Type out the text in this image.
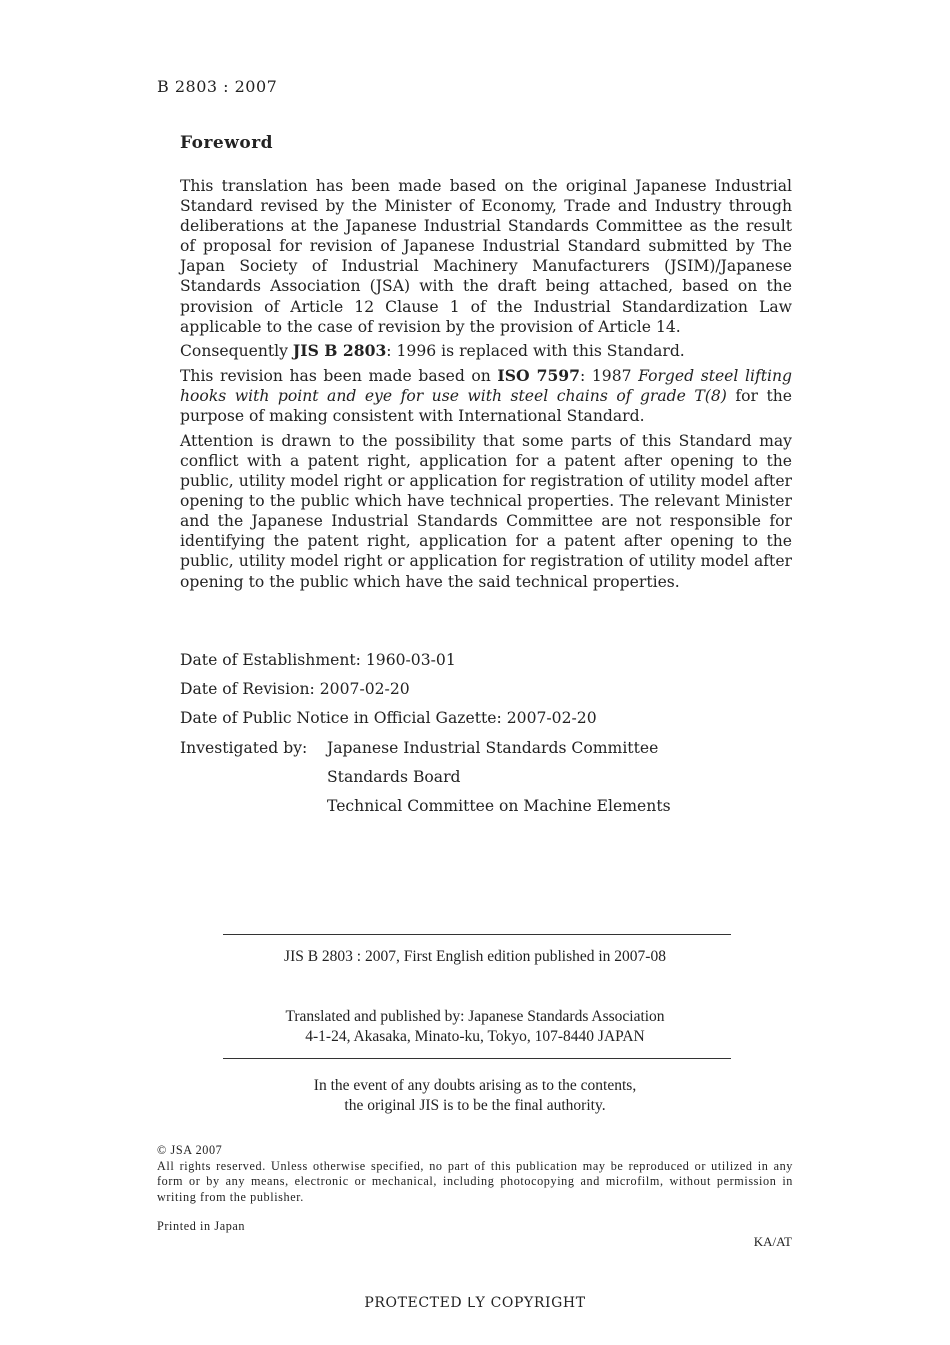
B 2803 : 2007
Foreword

This translation has been made based on the original Japanese Industrial Standard revised by the Minister of Economy, Trade and Industry through deliberations at the Japanese Industrial Standards Committee as the result of proposal for revision of Japanese Industrial Standard submitted by The Japan Society of Industrial Machinery Manufacturers (JSIM)/Japanese Standards Association (JSA) with the draft being attached, based on the provision of Article 12 Clause 1 of the Industrial Standardization Law applicable to the case of revision by the provision of Article 14.

Consequently JIS B 2803: 1996 is replaced with this Standard.

This revision has been made based on ISO 7597: 1987 Forged steel lifting hooks with point and eye for use with steel chains of grade T(8) for the purpose of making consistent with International Standard.

Attention is drawn to the possibility that some parts of this Standard may conflict with a patent right, application for a patent after opening to the public, utility model right or application for registration of utility model after opening to the public which have technical properties. The relevant Minister and the Japanese Industrial Standards Committee are not responsible for identifying the patent right, application for a patent after opening to the public, utility model right or application for registration of utility model after opening to the public which have the said technical properties.

Date of Establishment: 1960-03-01
Date of Revision: 2007-02-20
Date of Public Notice in Official Gazette: 2007-02-20
Investigated by: Japanese Industrial Standards Committee
Standards Board
Technical Committee on Machine Elements
JIS B 2803 : 2007, First English edition published in 2007-08
Translated and published by: Japanese Standards Association
4-1-24, Akasaka, Minato-ku, Tokyo, 107-8440 JAPAN
In the event of any doubts arising as to the contents,
the original JIS is to be the final authority.
© JSA 2007
All rights reserved. Unless otherwise specified, no part of this publication may be reproduced or utilized in any form or by any means, electronic or mechanical, including photocopying and microfilm, without permission in writing from the publisher.
Printed in Japan
KA/AT
PROTECTED ᒪY COPYRIGHT
